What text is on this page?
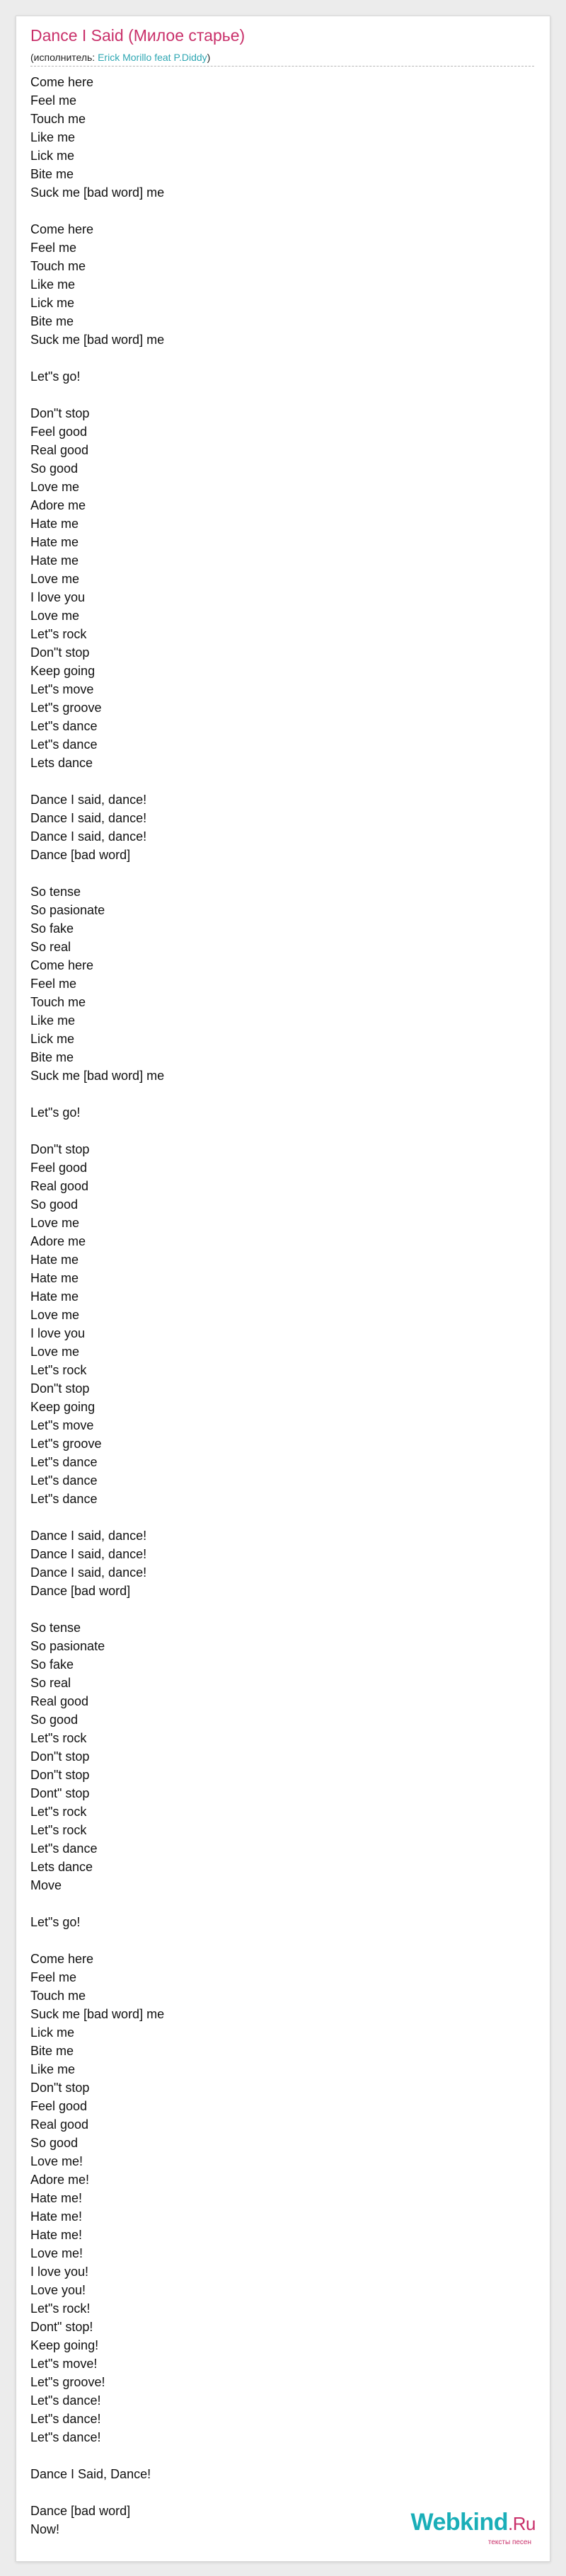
Dance I Said (Милое старье)
(исполнитель: Erick Morillo feat P.Diddy)
Come here
Feel me
Touch me
Like me
Lick me
Bite me
Suck me [bad word] me
Come here
Feel me
Touch me
Like me
Lick me
Bite me
Suck me [bad word] me
Let"s go!
Don"t stop
Feel good
Real good
So good
Love me
Adore me
Hate me
Hate me
Hate me
Love me
I love you
Love me
Let"s rock
Don"t stop
Keep going
Let"s move
Let"s groove
Let"s dance
Let"s dance
Lets dance
Dance I said, dance!
Dance I said, dance!
Dance I said, dance!
Dance [bad word]
So tense
So pasionate
So fake
So real
Come here
Feel me
Touch me
Like me
Lick me
Bite me
Suck me [bad word] me
Let"s go!
Don"t stop
Feel good
Real good
So good
Love me
Adore me
Hate me
Hate me
Hate me
Love me
I love you
Love me
Let"s rock
Don"t stop
Keep going
Let"s move
Let"s groove
Let"s dance
Let"s dance
Let"s dance
Dance I said, dance!
Dance I said, dance!
Dance I said, dance!
Dance [bad word]
So tense
So pasionate
So fake
So real
Real good
So good
Let"s rock
Don"t stop
Don"t stop
Dont" stop
Let"s rock
Let"s rock
Let"s dance
Lets dance
Move
Let"s go!
Come here
Feel me
Touch me
Suck me [bad word] me
Lick me
Bite me
Like me
Don"t stop
Feel good
Real good
So good
Love me!
Adore me!
Hate me!
Hate me!
Hate me!
Love me!
I love you!
Love you!
Let"s rock!
Dont" stop!
Keep going!
Let"s move!
Let"s groove!
Let"s dance!
Let"s dance!
Let"s dance!
Dance I Said, Dance!
Dance [bad word]
Now!	Webkind.Ru
тексты песен
